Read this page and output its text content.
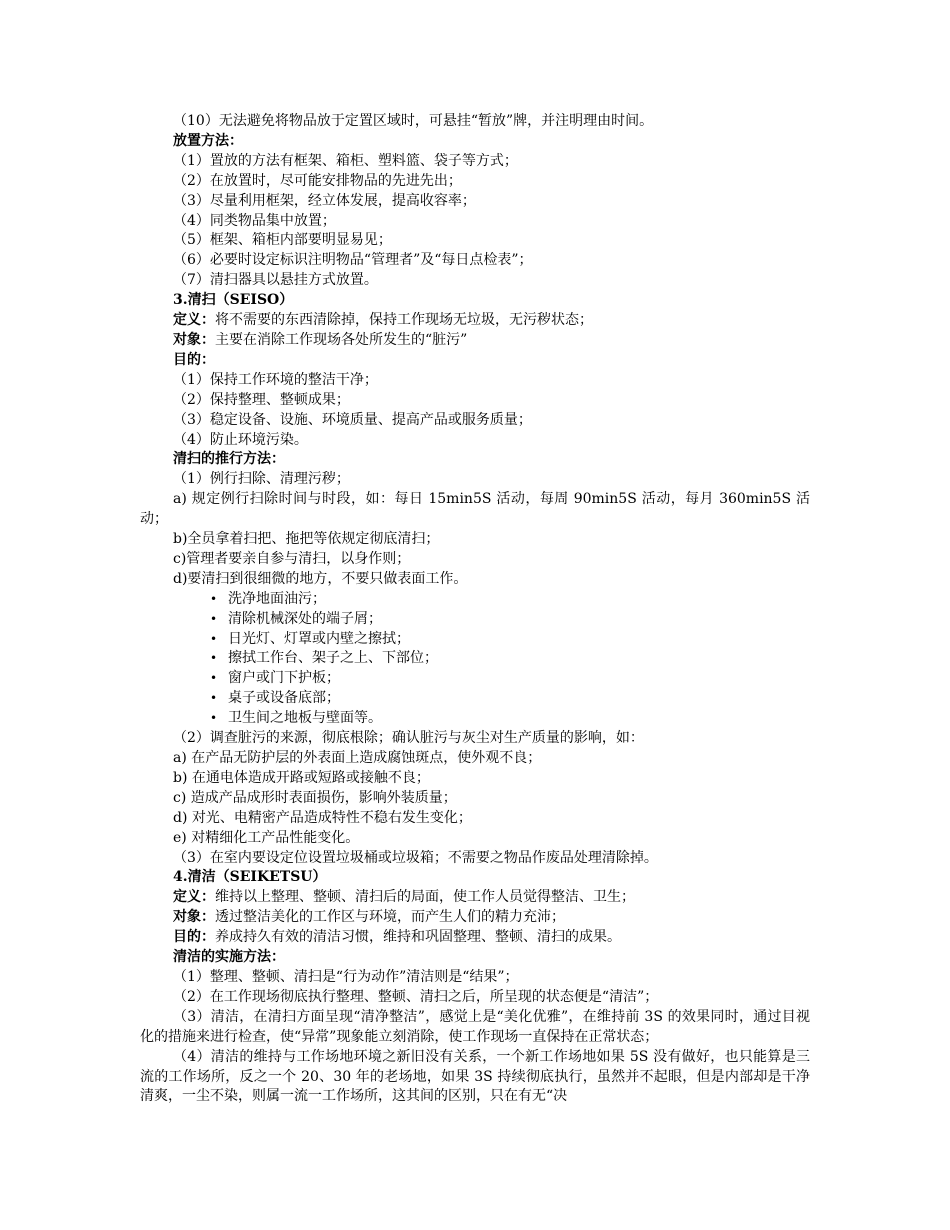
（10）无法避免将物品放于定置区域时，可悬挂“暂放”牌，并注明理由时间。

放置方法：

（1）置放的方法有框架、箱柜、塑料篮、袋子等方式；

（2）在放置时，尽可能安排物品的先进先出；

（3）尽量利用框架，经立体发展，提高收容率；

（4）同类物品集中放置；

（5）框架、箱柜内部要明显易见；

（6）必要时设定标识注明物品“管理者”及“每日点检表”；

（7）清扫器具以悬挂方式放置。

3.清扫（SEISO）

定义：将不需要的东西清除掉，保持工作现场无垃圾，无污秽状态；

对象：主要在消除工作现场各处所发生的“脏污”

目的：

（1）保持工作环境的整洁干净；

（2）保持整理、整顿成果；

（3）稳定设备、设施、环境质量、提高产品或服务质量；

（4）防止环境污染。

清扫的推行方法：

（1）例行扫除、清理污秽；

a) 规定例行扫除时间与时段，如：每日 15min5S 活动，每周 90min5S 活动，每月 360min5S 活动；

b)全员拿着扫把、拖把等依规定彻底清扫；

c)管理者要亲自参与清扫，以身作则；

d)要清扫到很细微的地方，不要只做表面工作。

• 洗净地面油污；
• 清除机械深处的端子屑；
• 日光灯、灯罩或内壁之擦拭；
• 擦拭工作台、架子之上、下部位；
• 窗户或门下护板；
• 桌子或设备底部；
• 卫生间之地板与壁面等。

（2）调查脏污的来源，彻底根除；确认脏污与灰尘对生产质量的影响，如：

a) 在产品无防护层的外表面上造成腐蚀斑点，使外观不良；

b) 在通电体造成开路或短路或接触不良；

c) 造成产品成形时表面损伤，影响外装质量；

d) 对光、电精密产品造成特性不稳右发生变化；

e) 对精细化工产品性能变化。

（3）在室内要设定位设置垃圾桶或垃圾箱；不需要之物品作废品处理清除掉。

4.清洁（SEIKETSU）

定义：维持以上整理、整顿、清扫后的局面，使工作人员觉得整洁、卫生；

对象：透过整洁美化的工作区与环境，而产生人们的精力充沛；

目的：养成持久有效的清洁习惯，维持和巩固整理、整顿、清扫的成果。

清洁的实施方法：

（1）整理、整顿、清扫是“行为动作”清洁则是“结果”；

（2）在工作现场彻底执行整理、整顿、清扫之后，所呈现的状态便是“清洁”；

（3）清洁，在清扫方面呈现“清净整洁”，感觉上是“美化优雅”，在维持前 3S 的效果同时，通过目视化的措施来进行检查，使“异常”现象能立刻消除，使工作现场一直保持在正常状态；

（4）清洁的维持与工作场地环境之新旧没有关系，一个新工作场地如果 5S 没有做好，也只能算是三流的工作场所，反之一个 20、30 年的老场地，如果 3S 持续彻底执行，虽然并不起眼，但是内部却是干净清爽，一尘不染，则属一流一工作场所，这其间的区别，只在有无“决
